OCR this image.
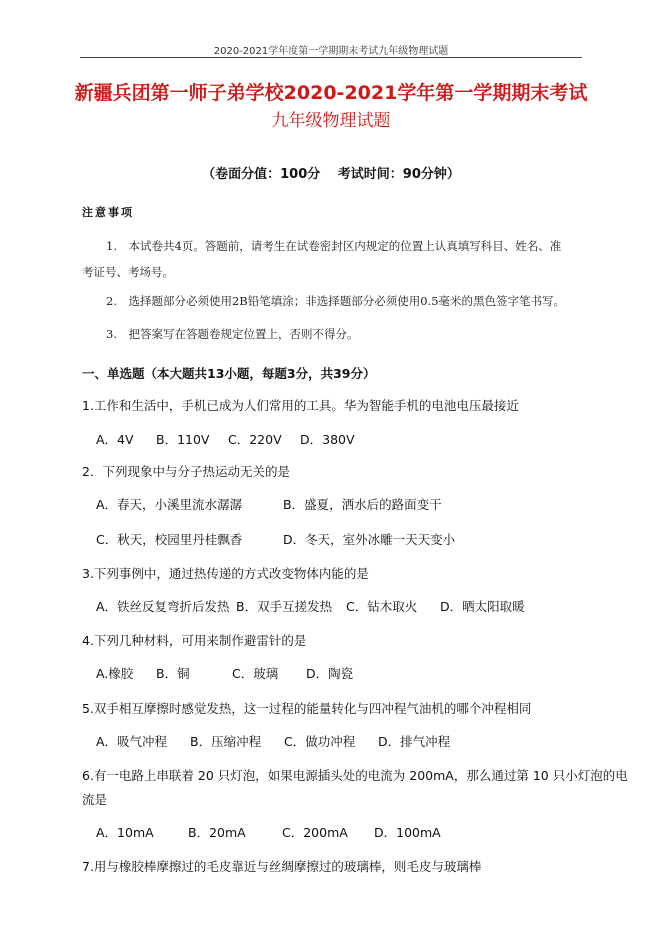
2020-2021学年度第一学期期末考试九年级物理试题
新疆兵团第一师子弟学校2020-2021学年第一学期期末考试
九年级物理试题
（卷面分值：100分　 考试时间：90分钟）
注意事项
1.　本试卷共4页。答题前，请考生在试卷密封区内规定的位置上认真填写科目、姓名、准
考证号、考场号。
2.　选择题部分必须使用2B铅笔填涂；非选择题部分必须使用0.5毫米的黑色签字笔书写。
3.　把答案写在答题卷规定位置上，否则不得分。
一、单选题（本大题共13小题，每题3分，共39分）
1.工作和生活中，手机已成为人们常用的工具。华为智能手机的电池电压最接近
A．4V B．110V C．220V D．380V
2．下列现象中与分子热运动无关的是
A．春天，小溪里流水潺潺	B．盛夏，洒水后的路面变干
C．秋天，校园里丹桂飘香	D．冬天，室外冰雕一天天变小
3.下列事例中，通过热传递的方式改变物体内能的是
A．铁丝反复弯折后发热 B．双手互搓发热 C．钻木取火 D．晒太阳取暖
4.下列几种材料，可用来制作避雷针的是
A.橡胶 B．铜	C．玻璃 D．陶瓷
5.双手相互摩擦时感觉发热，这一过程的能量转化与四冲程气油机的哪个冲程相同
A．吸气冲程 B．压缩冲程 C．做功冲程 D．排气冲程
6.有一电路上串联着 20 只灯泡，如果电源插头处的电流为 200mA，那么通过第 10 只小灯泡的电
流是
A．10mA	B．20mA	C．200mA D．100mA
7.用与橡胶棒摩擦过的毛皮靠近与丝绸摩擦过的玻璃棒，则毛皮与玻璃棒
